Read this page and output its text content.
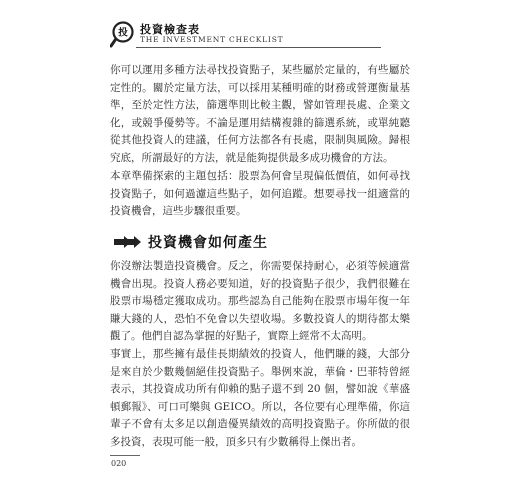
投 投資檢查表
THE INVESTMENT CHECKLIST

你可以運用多種方法尋找投資點子，某些屬於定量的，有些屬於定性的。關於定量方法，可以採用某種明確的財務或營運衡量基準，至於定性方法，篩選準則比較主觀，譬如管理長處、企業文化，或競爭優勢等。不論是運用結構複雜的篩選系統，或單純聽從其他投資人的建議，任何方法都各有長處，限制與風險。歸根究底，所謂最好的方法，就是能夠提供最多成功機會的方法。

本章準備探索的主題包括：股票為何會呈現偏低價值，如何尋找投資點子，如何過濾這些點子，如何追蹤。想要尋找一組適當的投資機會，這些步驟很重要。

投資機會如何產生

你沒辦法製造投資機會。反之，你需要保持耐心，必須等候適當機會出現。投資人務必要知道，好的投資點子很少，我們很難在股票市場穩定獲取成功。那些認為自己能夠在股票市場年復一年賺大錢的人，恐怕不免會以失望收場。多數投資人的期待都太樂觀了。他們自認為掌握的好點子，實際上經常不太高明。

事實上，那些擁有最佳長期績效的投資人，他們賺的錢，大部分是來自於少數幾個絕佳投資點子。舉例來說，華倫・巴菲特曾經表示，其投資成功所有仰賴的點子還不到 20 個，譬如說《華盛頓郵報》、可口可樂與 GEICO。所以，各位要有心理準備，你這輩子不會有太多足以創造優異績效的高明投資點子。你所做的很多投資，表現可能一般，頂多只有少數稱得上傑出者。

020
